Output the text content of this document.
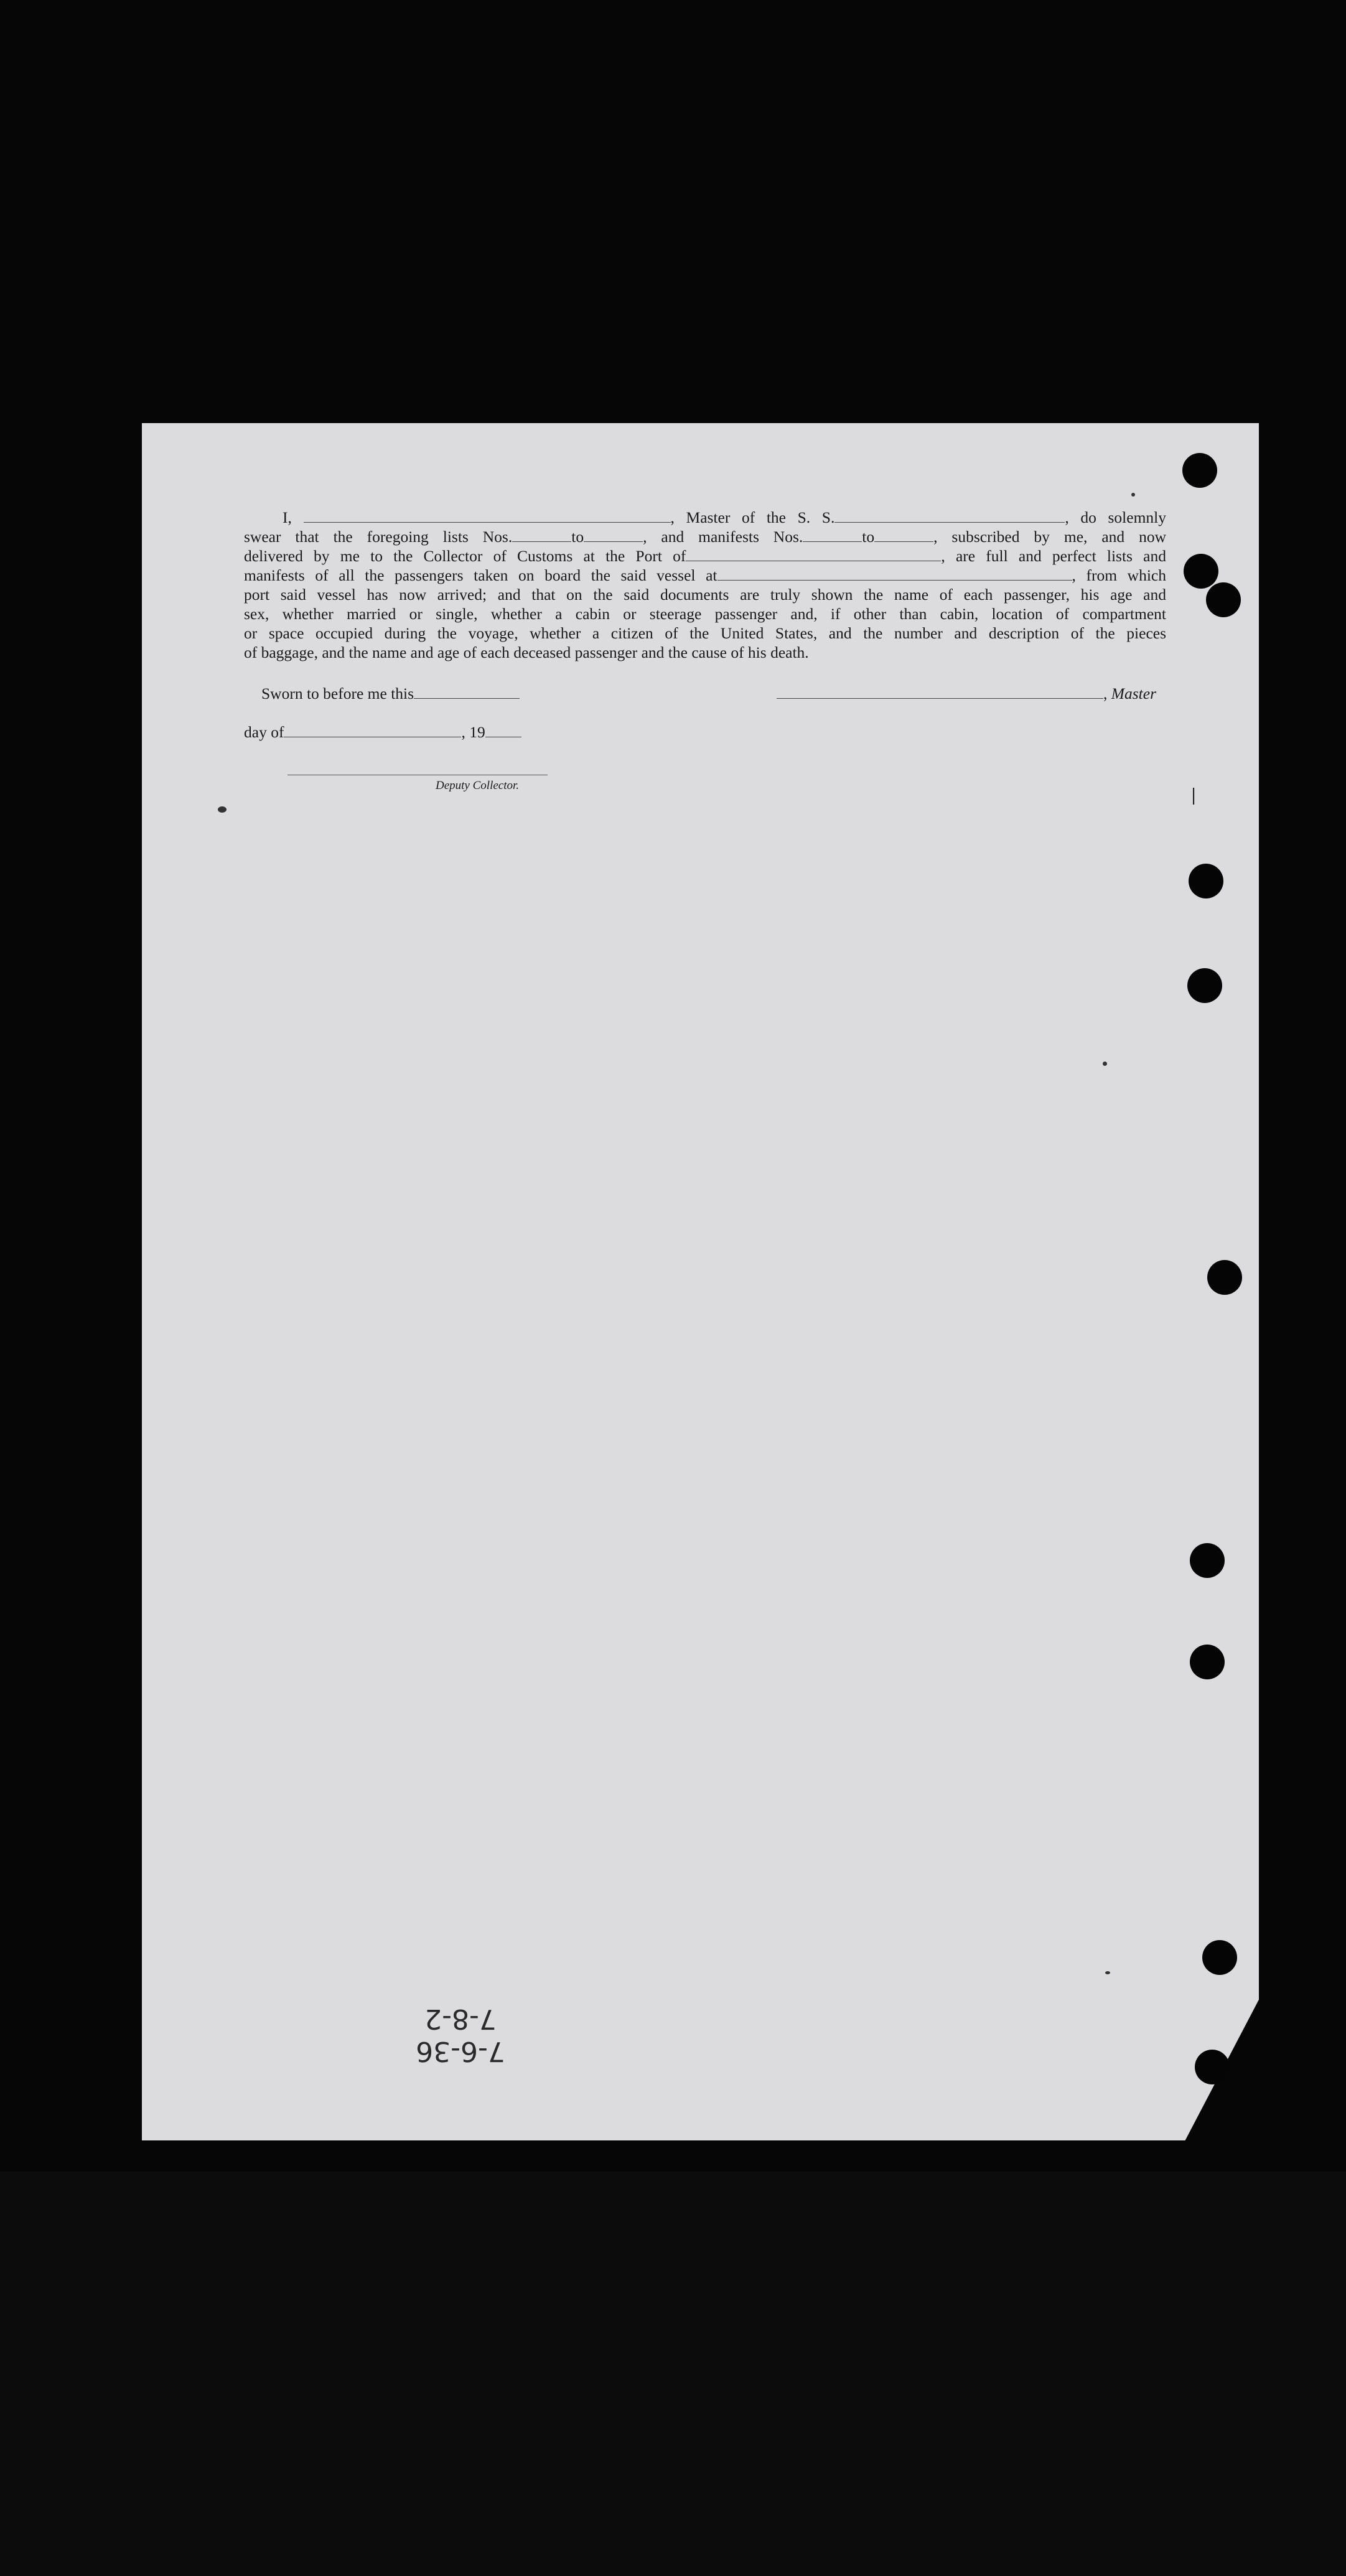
I,	, Master of the S. S.	, do solemnly
swear that the foregoing lists Nos.	to	, and manifests Nos.	to	, subscribed by me, and now
delivered by me to the Collector of Customs at the Port of	, are full and perfect lists and
manifests of all the passengers taken on board the said vessel at	, from which
port said vessel has now arrived; and that on the said documents are truly shown the name of each passenger, his age and
sex, whether married or single, whether a cabin or steerage passenger and, if other than cabin, location of compartment
or space occupied during the voyage, whether a citizen of the United States, and the number and description of the pieces
of baggage, and the name and age of each deceased passenger and the cause of his death.
Sworn to before me this	, Master
day of	, 19
Deputy Collector.
—
7-6-36
7-8-2
